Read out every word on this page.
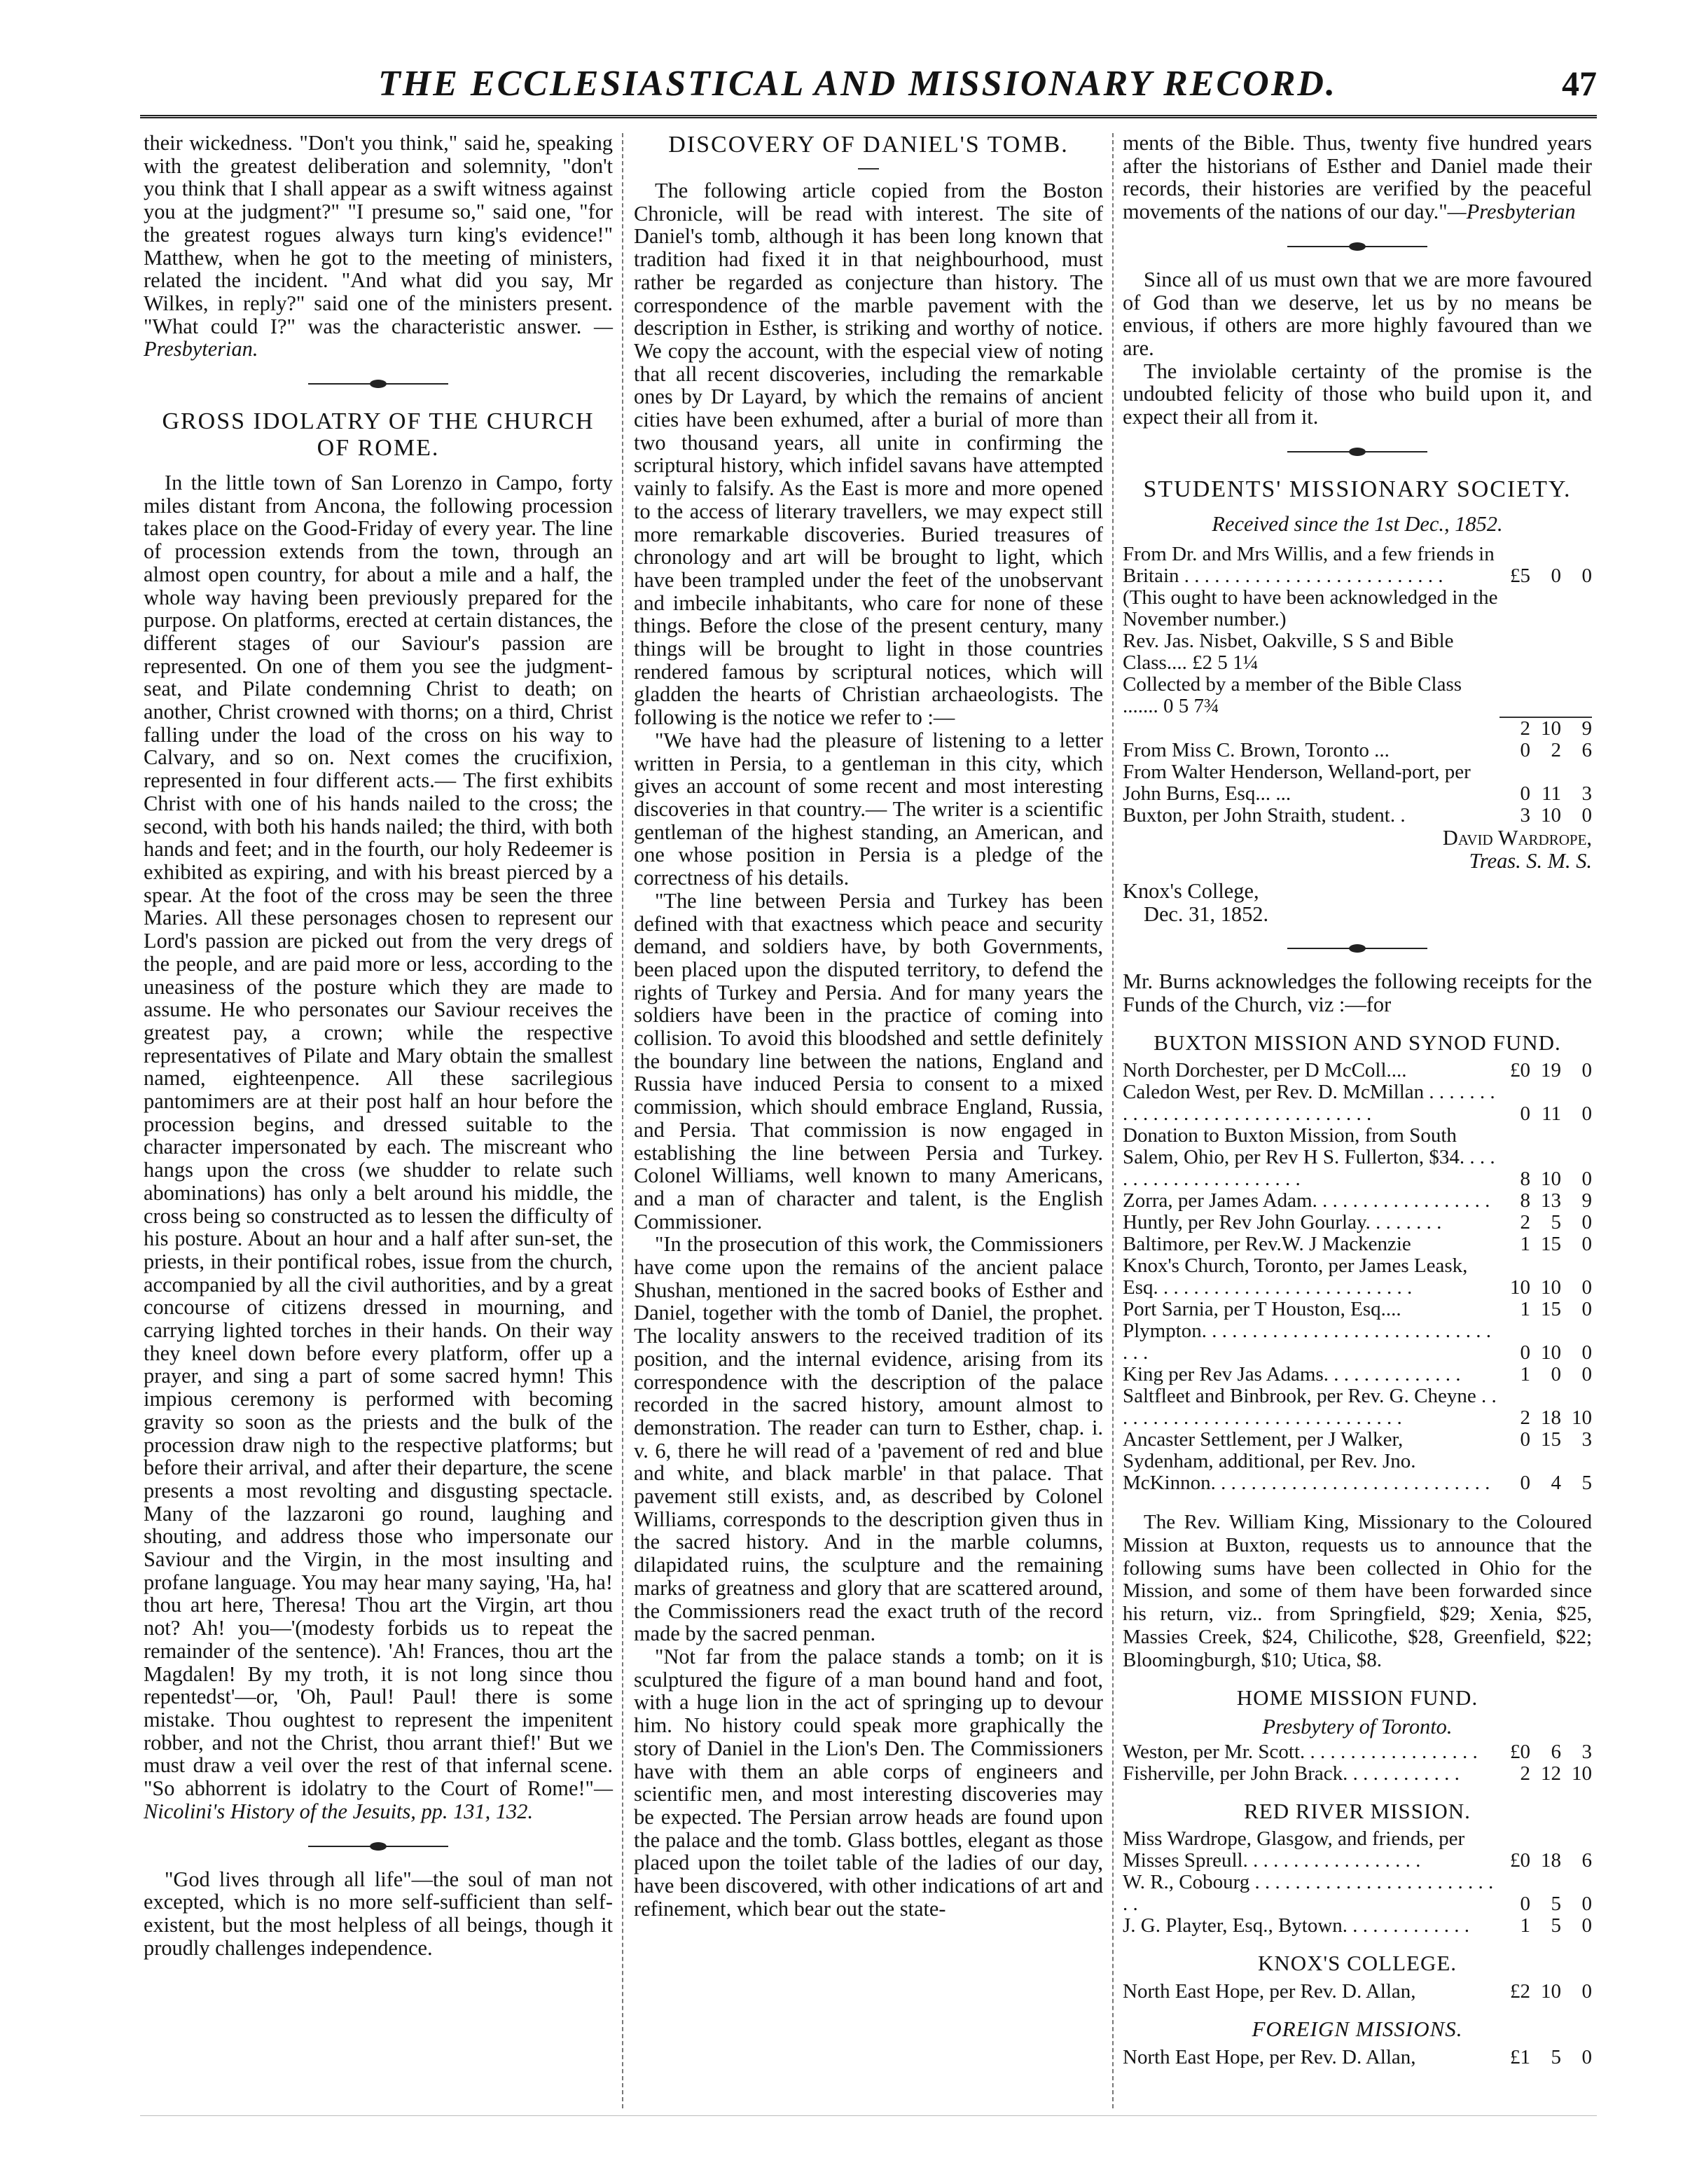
THE ECCLESIASTICAL AND MISSIONARY RECORD.	47

their wickedness. "Don't you think," said he, speaking with the greatest deliberation and solemnity, "don't you think that I shall appear as a swift witness against you at the judgment?" "I presume so," said one, "for the greatest rogues always turn king's evidence!" Matthew, when he got to the meeting of ministers, related the incident. "And what did you say, Mr Wilkes, in reply?" said one of the ministers present. "What could I?" was the characteristic answer. —Presbyterian.

GROSS IDOLATRY OF THE CHURCH OF ROME.

In the little town of San Lorenzo in Campo, forty miles distant from Ancona, the following procession takes place on the Good-Friday of every year. The line of procession extends from the town, through an almost open country, for about a mile and a half, the whole way having been previously prepared for the purpose. On platforms, erected at certain distances, the different stages of our Saviour's passion are represented. On one of them you see the judgment-seat, and Pilate condemning Christ to death; on another, Christ crowned with thorns; on a third, Christ falling under the load of the cross on his way to Calvary, and so on. Next comes the crucifixion, represented in four different acts.— The first exhibits Christ with one of his hands nailed to the cross; the second, with both his hands nailed; the third, with both hands and feet; and in the fourth, our holy Redeemer is exhibited as expiring, and with his breast pierced by a spear. At the foot of the cross may be seen the three Maries. All these personages chosen to represent our Lord's passion are picked out from the very dregs of the people, and are paid more or less, according to the uneasiness of the posture which they are made to assume. He who personates our Saviour receives the greatest pay, a crown; while the respective representatives of Pilate and Mary obtain the smallest named, eighteenpence. All these sacrilegious pantomimers are at their post half an hour before the procession begins, and dressed suitable to the character impersonated by each. The miscreant who hangs upon the cross (we shudder to relate such abominations) has only a belt around his middle, the cross being so constructed as to lessen the difficulty of his posture. About an hour and a half after sun-set, the priests, in their pontifical robes, issue from the church, accompanied by all the civil authorities, and by a great concourse of citizens dressed in mourning, and carrying lighted torches in their hands. On their way they kneel down before every platform, offer up a prayer, and sing a part of some sacred hymn! This impious ceremony is performed with becoming gravity so soon as the priests and the bulk of the procession draw nigh to the respective platforms; but before their arrival, and after their departure, the scene presents a most revolting and disgusting spectacle. Many of the lazzaroni go round, laughing and shouting, and address those who impersonate our Saviour and the Virgin, in the most insulting and profane language. You may hear many saying, 'Ha, ha! thou art here, Theresa! Thou art the Virgin, art thou not? Ah! you—'(modesty forbids us to repeat the remainder of the sentence). 'Ah! Frances, thou art the Magdalen! By my troth, it is not long since thou repentedst'—or, 'Oh, Paul! Paul! there is some mistake. Thou oughtest to represent the impenitent robber, and not the Christ, thou arrant thief!' But we must draw a veil over the rest of that infernal scene. "So abhorrent is idolatry to the Court of Rome!"—Nicolini's History of the Jesuits, pp. 131, 132.

"God lives through all life"—the soul of man not excepted, which is no more self-sufficient than self-existent, but the most helpless of all beings, though it proudly challenges independence.

DISCOVERY OF DANIEL'S TOMB.

The following article copied from the Boston Chronicle, will be read with interest. The site of Daniel's tomb, although it has been long known that tradition had fixed it in that neighbourhood, must rather be regarded as conjecture than history. The correspondence of the marble pavement with the description in Esther, is striking and worthy of notice. We copy the account, with the especial view of noting that all recent discoveries, including the remarkable ones by Dr Layard, by which the remains of ancient cities have been exhumed, after a burial of more than two thousand years, all unite in confirming the scriptural history, which infidel savans have attempted vainly to falsify. As the East is more and more opened to the access of literary travellers, we may expect still more remarkable discoveries. Buried treasures of chronology and art will be brought to light, which have been trampled under the feet of the unobservant and imbecile inhabitants, who care for none of these things. Before the close of the present century, many things will be brought to light in those countries rendered famous by scriptural notices, which will gladden the hearts of Christian archaeologists. The following is the notice we refer to :—

"We have had the pleasure of listening to a letter written in Persia, to a gentleman in this city, which gives an account of some recent and most interesting discoveries in that country.— The writer is a scientific gentleman of the highest standing, an American, and one whose position in Persia is a pledge of the correctness of his details.

"The line between Persia and Turkey has been defined with that exactness which peace and security demand, and soldiers have, by both Governments, been placed upon the disputed territory, to defend the rights of Turkey and Persia. And for many years the soldiers have been in the practice of coming into collision. To avoid this bloodshed and settle definitely the boundary line between the nations, England and Russia have induced Persia to consent to a mixed commission, which should embrace England, Russia, and Persia. That commission is now engaged in establishing the line between Persia and Turkey. Colonel Williams, well known to many Americans, and a man of character and talent, is the English Commissioner.

"In the prosecution of this work, the Commissioners have come upon the remains of the ancient palace Shushan, mentioned in the sacred books of Esther and Daniel, together with the tomb of Daniel, the prophet. The locality answers to the received tradition of its position, and the internal evidence, arising from its correspondence with the description of the palace recorded in the sacred history, amount almost to demonstration. The reader can turn to Esther, chap. i. v. 6, there he will read of a 'pavement of red and blue and white, and black marble' in that palace. That pavement still exists, and, as described by Colonel Williams, corresponds to the description given thus in the sacred history. And in the marble columns, dilapidated ruins, the sculpture and the remaining marks of greatness and glory that are scattered around, the Commissioners read the exact truth of the record made by the sacred penman.

"Not far from the palace stands a tomb; on it is sculptured the figure of a man bound hand and foot, with a huge lion in the act of springing up to devour him. No history could speak more graphically the story of Daniel in the Lion's Den. The Commissioners have with them an able corps of engineers and scientific men, and most interesting discoveries may be expected. The Persian arrow heads are found upon the palace and the tomb. Glass bottles, elegant as those placed upon the toilet table of the ladies of our day, have been discovered, with other indications of art and refinement, which bear out the state-

ments of the Bible. Thus, twenty five hundred years after the historians of Esther and Daniel made their records, their histories are verified by the peaceful movements of the nations of our day."—Presbyterian

Since all of us must own that we are more favoured of God than we deserve, let us by no means be envious, if others are more highly favoured than we are.

The inviolable certainty of the promise is the undoubted felicity of those who build upon it, and expect their all from it.

STUDENTS' MISSIONARY SOCIETY.
Received since the 1st Dec., 1852.
From Dr. and Mrs Willis, and a few friends in Britain . . . . . . . . . . . . . . . . . . . . . . . . . .	£5	0	0
(This ought to have been acknowledged in the November number.)			
Rev. Jas. Nisbet, Oakville, S S and Bible Class.... £2 5 1¼			
Collected by a member of the Bible Class ....... 0 5 7¾			
	2	10	9
From Miss C. Brown, Toronto ...	0	2	6
From Walter Henderson, Welland-port, per John Burns, Esq... ...	0	11	3
Buxton, per John Straith, student. .	3	10	0
David Wardrope,
Treas. S. M. S.
Knox's College,
Dec. 31, 1852.

Mr. Burns acknowledges the following receipts for the Funds of the Church, viz :—for

BUXTON MISSION AND SYNOD FUND.
North Dorchester, per D McColl....	£0	19	0
Caledon West, per Rev. D. McMillan . . . . . . . . . . . . . . . . . . . . . . . . . . . . . . . .	0	11	0
Donation to Buxton Mission, from South Salem, Ohio, per Rev H S. Fullerton, $34. . . . . . . . . . . . . . . . . . . . . .	8	10	0
Zorra, per James Adam. . . . . . . . . . . . . . . . . .	8	13	9
Huntly, per Rev John Gourlay. . . . . . . .	2	5	0
Baltimore, per Rev.W. J Mackenzie	1	15	0
Knox's Church, Toronto, per James Leask, Esq. . . . . . . . . . . . . . . . . . . . . . . . . .	10	10	0
Port Sarnia, per T Houston, Esq....	1	15	0
Plympton. . . . . . . . . . . . . . . . . . . . . . . . . . . . . . . .	0	10	0
King per Rev Jas Adams. . . . . . . . . . . . . .	1	0	0
Saltfleet and Binbrook, per Rev. G. Cheyne . . . . . . . . . . . . . . . . . . . . . . . . . . . . . .	2	18	10
Ancaster Settlement, per J Walker,	0	15	3
Sydenham, additional, per Rev. Jno. McKinnon. . . . . . . . . . . . . . . . . . . . . . . . . . . .	0	4	5

The Rev. William King, Missionary to the Coloured Mission at Buxton, requests us to announce that the following sums have been collected in Ohio for the Mission, and some of them have been forwarded since his return, viz.. from Springfield, $29; Xenia, $25, Massies Creek, $24, Chilicothe, $28, Greenfield, $22; Bloomingburgh, $10; Utica, $8.

HOME MISSION FUND.
Presbytery of Toronto.
Weston, per Mr. Scott. . . . . . . . . . . . . . . . . .	£0	6	3
Fisherville, per John Brack. . . . . . . . . . . .	2	12	10
RED RIVER MISSION.
Miss Wardrope, Glasgow, and friends, per Misses Spreull. . . . . . . . . . . . . . . . . .	£0	18	6
W. R., Cobourg . . . . . . . . . . . . . . . . . . . . . . . . . .	0	5	0
J. G. Playter, Esq., Bytown. . . . . . . . . . . . .	1	5	0
KNOX'S COLLEGE.
North East Hope, per Rev. D. Allan,	£2	10	0
FOREIGN MISSIONS.
North East Hope, per Rev. D. Allan,	£1	5	0
